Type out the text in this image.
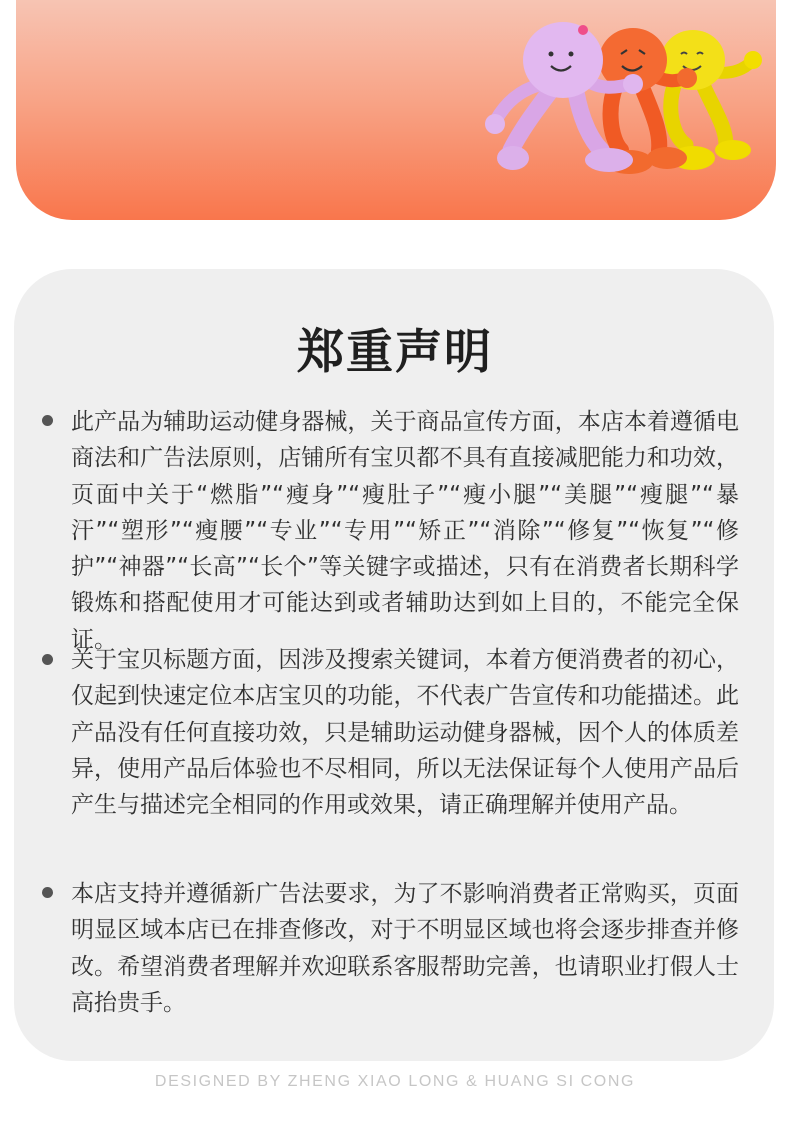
郑重声明
此产品为辅助运动健身器械，关于商品宣传方面，本店本着遵循电商法和广告法原则，店铺所有宝贝都不具有直接减肥能力和功效，页面中关于“燃脂”“瘦身”“瘦肚子”“瘦小腿”“美腿”“瘦腿”“暴汗”“塑形”“瘦腰”“专业”“专用”“矫正”“消除”“修复”“恢复”“修护”“神器”“长高”“长个”等关键字或描述，只有在消费者长期科学锻炼和搭配使用才可能达到或者辅助达到如上目的，不能完全保证。
关于宝贝标题方面，因涉及搜索关键词，本着方便消费者的初心，仅起到快速定位本店宝贝的功能，不代表广告宣传和功能描述。此产品没有任何直接功效，只是辅助运动健身器械，因个人的体质差异，使用产品后体验也不尽相同，所以无法保证每个人使用产品后产生与描述完全相同的作用或效果，请正确理解并使用产品。
本店支持并遵循新广告法要求，为了不影响消费者正常购买，页面明显区域本店已在排查修改，对于不明显区域也将会逐步排查并修改。希望消费者理解并欢迎联系客服帮助完善，也请职业打假人士高抬贵手。
DESIGNED BY ZHENG XIAO LONG & HUANG SI CONG
